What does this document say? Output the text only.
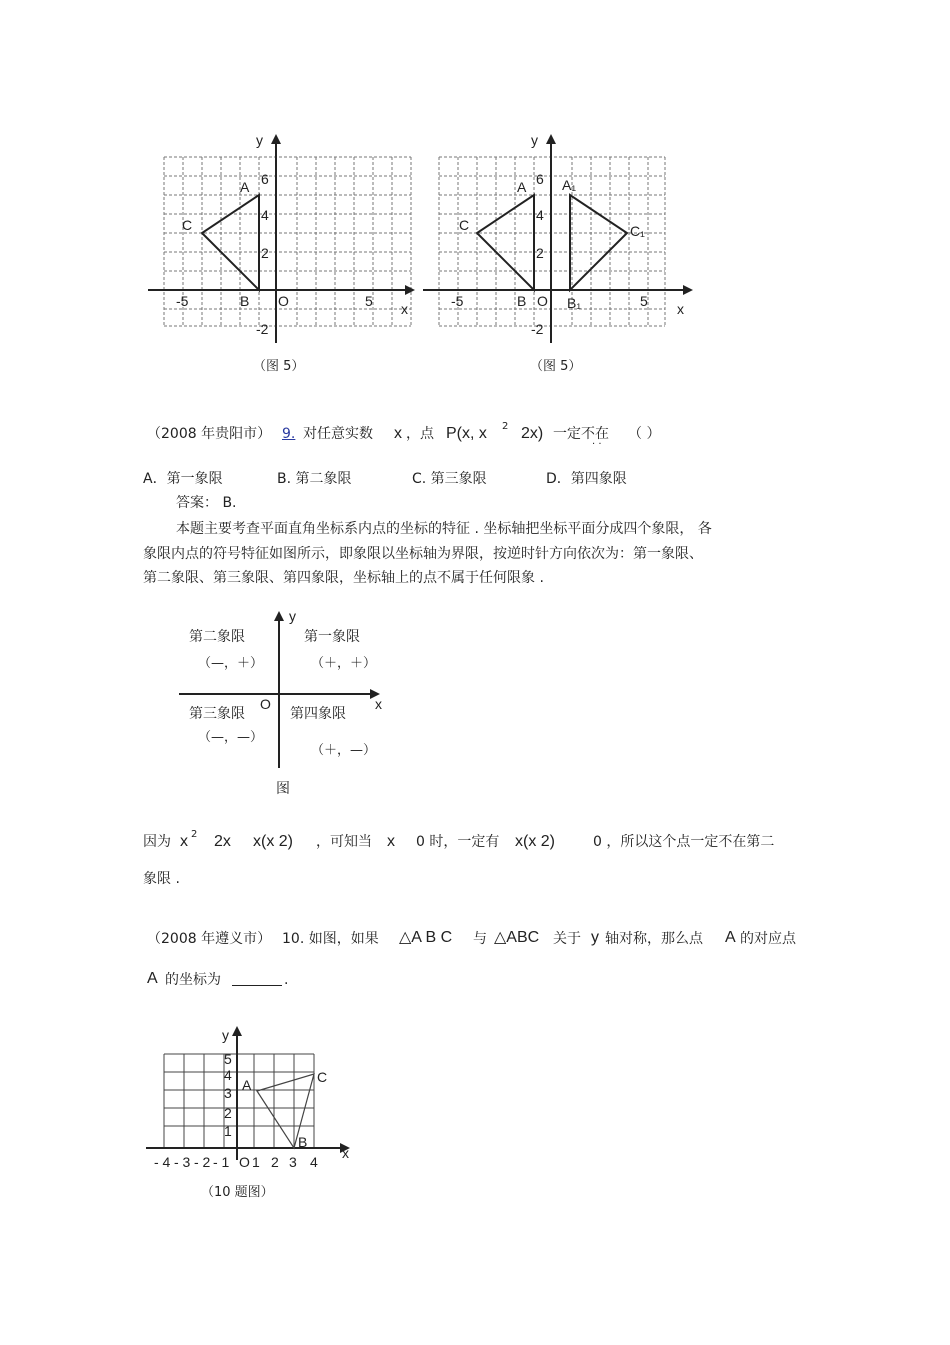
y
x
6
4
2
-2
-5	5
O
A
B
C
（图 5）
y
x
6
4
2
-2
-5	5
O
A
B
C
A₁
B₁
C₁
（图 5）
（2008 年贵阳市） 9. 对任意实数 x ，点 P(x, x 2 2x) 一定不在
· ·
（ ）
A．第一象限	B. 第二象限	C. 第三象限	D．第四象限
答案： B.
本题主要考查平面直角坐标系内点的坐标的特征 . 坐标轴把坐标平面分成四个象限， 各
象限内点的符号特征如图所示，即象限以坐标轴为界限，按逆时针方向依次为：第一象限、
第二象限、第三象限、第四象限，坐标轴上的点不属于任何限象 .
y
x
O
第二象限
（—，＋）
第一象限
（＋，＋）
第三象限
（—，—）
第四象限
（＋，—）
图
因为 x 2 2x x(x 2) ，可知当 x 0 时，一定有 x(x 2)	0 ，所以这个点一定不在第二
象限 .
（2008 年遵义市） 10. 如图，如果 △A B C 与 △ABC 关于 y 轴对称，那么点 A 的对应点
A 的坐标为	.
y
x
5
4
3
2
1
- 4 - 3 - 2 - 1 O 1 2 3 4
A
B
C
（10 题图）
